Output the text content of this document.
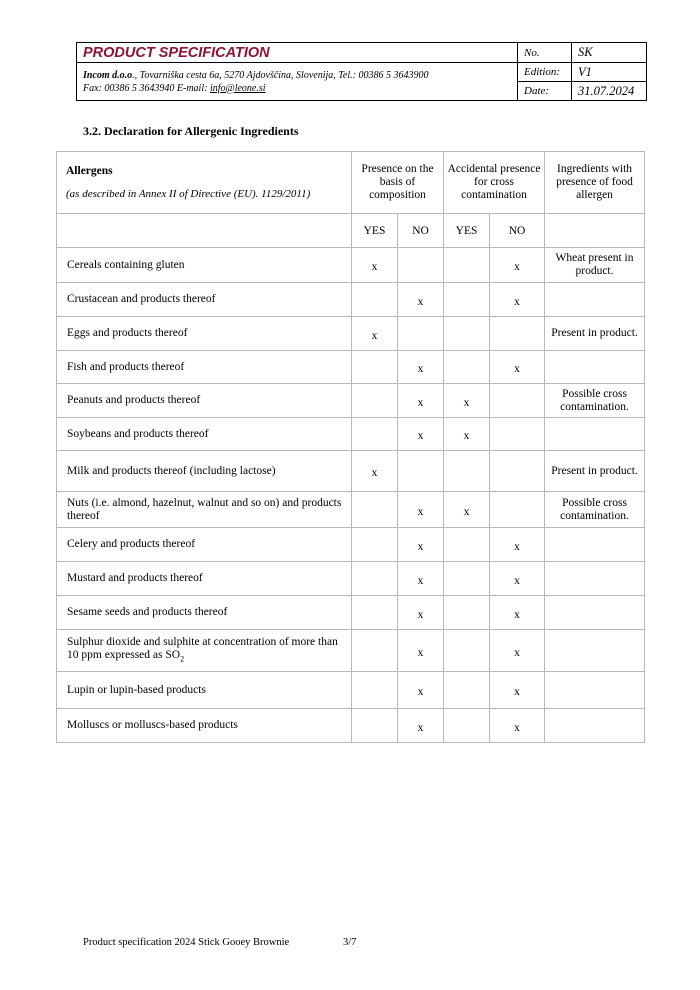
PRODUCT SPECIFICATION	No.	SK
Incom d.o.o., Tovarniška cesta 6a, 5270 Ajdovščina, Slovenija, Tel.: 00386 5 3643900
Fax: 00386 5 3643940 E-mail: info@leone.si	Edition:	V1
	Date:	31.07.2024
3.2. Declaration for Allergenic Ingredients
Allergens
(as described in Annex II of Directive (EU). 1129/2011)	Presence on the basis of composition		Accidental presence for cross contamination		Ingredients with presence of food allergen
	YES	NO	YES	NO	
Cereals containing gluten	x			x	Wheat present in product.
Crustacean and products thereof		x		x	
Eggs and products thereof	x				Present in product.
Fish and products thereof		x		x	
Peanuts and products thereof		x	x		Possible cross contamination.
Soybeans and products thereof		x	x		
Milk and products thereof (including lactose)	x				Present in product.
Nuts (i.e. almond, hazelnut, walnut and so on) and products thereof		x	x		Possible cross contamination.
Celery and products thereof		x		x	
Mustard and products thereof		x		x	
Sesame seeds and products thereof		x		x	
Sulphur dioxide and sulphite at concentration of more than 10 ppm expressed as $SO_2$		x		x	
Lupin or lupin-based products		x		x	
Molluscs or molluscs-based products		x		x	
Product specification 2024 Stick Gooey Brownie	3/7
